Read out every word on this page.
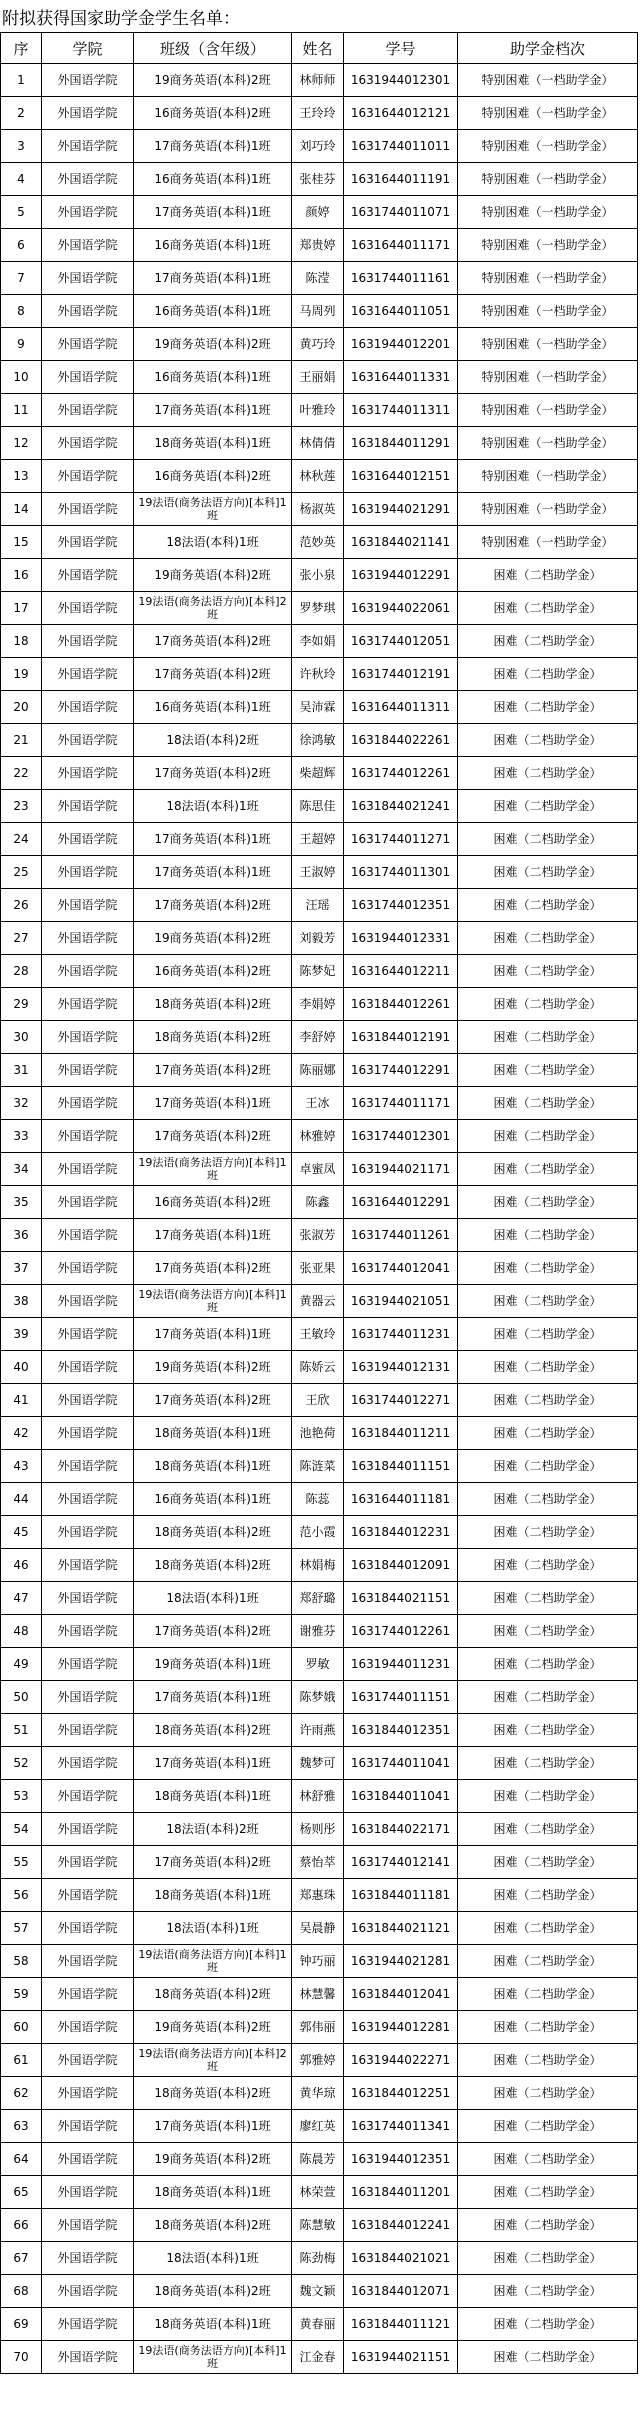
附拟获得国家助学金学生名单：
序	学院	班级（含年级）	姓名	学号	助学金档次
1	外国语学院	19商务英语(本科)2班	林师师	1631944012301	特别困难（一档助学金）
2	外国语学院	16商务英语(本科)2班	王玲玲	1631644012121	特别困难（一档助学金）
3	外国语学院	17商务英语(本科)1班	刘巧玲	1631744011011	特别困难（一档助学金）
4	外国语学院	16商务英语(本科)1班	张桂芬	1631644011191	特别困难（一档助学金）
5	外国语学院	17商务英语(本科)1班	颜婷	1631744011071	特别困难（一档助学金）
6	外国语学院	16商务英语(本科)1班	郑贵婷	1631644011171	特别困难（一档助学金）
7	外国语学院	17商务英语(本科)1班	陈滢	1631744011161	特别困难（一档助学金）
8	外国语学院	16商务英语(本科)1班	马周列	1631644011051	特别困难（一档助学金）
9	外国语学院	19商务英语(本科)2班	黄巧玲	1631944012201	特别困难（一档助学金）
10	外国语学院	16商务英语(本科)1班	王丽娟	1631644011331	特别困难（一档助学金）
11	外国语学院	17商务英语(本科)1班	叶雅玲	1631744011311	特别困难（一档助学金）
12	外国语学院	18商务英语(本科)1班	林倩倩	1631844011291	特别困难（一档助学金）
13	外国语学院	16商务英语(本科)2班	林秋莲	1631644012151	特别困难（一档助学金）
14	外国语学院	19法语(商务法语方向)[本科]1班	杨淑英	1631944021291	特别困难（一档助学金）
15	外国语学院	18法语(本科)1班	范妙英	1631844021141	特别困难（一档助学金）
16	外国语学院	19商务英语(本科)2班	张小泉	1631944012291	困难（二档助学金）
17	外国语学院	19法语(商务法语方向)[本科]2班	罗梦琪	1631944022061	困难（二档助学金）
18	外国语学院	17商务英语(本科)2班	李如娟	1631744012051	困难（二档助学金）
19	外国语学院	17商务英语(本科)2班	许秋玲	1631744012191	困难（二档助学金）
20	外国语学院	16商务英语(本科)1班	吴沛霖	1631644011311	困难（二档助学金）
21	外国语学院	18法语(本科)2班	徐鸿敏	1631844022261	困难（二档助学金）
22	外国语学院	17商务英语(本科)2班	柴超辉	1631744012261	困难（二档助学金）
23	外国语学院	18法语(本科)1班	陈思佳	1631844021241	困难（二档助学金）
24	外国语学院	17商务英语(本科)1班	王超婷	1631744011271	困难（二档助学金）
25	外国语学院	17商务英语(本科)1班	王淑婷	1631744011301	困难（二档助学金）
26	外国语学院	17商务英语(本科)2班	汪瑶	1631744012351	困难（二档助学金）
27	外国语学院	19商务英语(本科)2班	刘毅芳	1631944012331	困难（二档助学金）
28	外国语学院	16商务英语(本科)2班	陈梦妃	1631644012211	困难（二档助学金）
29	外国语学院	18商务英语(本科)2班	李娟婷	1631844012261	困难（二档助学金）
30	外国语学院	18商务英语(本科)2班	李舒婷	1631844012191	困难（二档助学金）
31	外国语学院	17商务英语(本科)2班	陈丽娜	1631744012291	困难（二档助学金）
32	外国语学院	17商务英语(本科)1班	王冰	1631744011171	困难（二档助学金）
33	外国语学院	17商务英语(本科)2班	林雅婷	1631744012301	困难（二档助学金）
34	外国语学院	19法语(商务法语方向)[本科]1班	卓蜜凤	1631944021171	困难（二档助学金）
35	外国语学院	16商务英语(本科)2班	陈鑫	1631644012291	困难（二档助学金）
36	外国语学院	17商务英语(本科)1班	张淑芳	1631744011261	困难（二档助学金）
37	外国语学院	17商务英语(本科)2班	张亚果	1631744012041	困难（二档助学金）
38	外国语学院	19法语(商务法语方向)[本科]1班	黄器云	1631944021051	困难（二档助学金）
39	外国语学院	17商务英语(本科)1班	王敏玲	1631744011231	困难（二档助学金）
40	外国语学院	19商务英语(本科)2班	陈娇云	1631944012131	困难（二档助学金）
41	外国语学院	17商务英语(本科)2班	王欣	1631744012271	困难（二档助学金）
42	外国语学院	18商务英语(本科)1班	池艳荷	1631844011211	困难（二档助学金）
43	外国语学院	18商务英语(本科)1班	陈涟菜	1631844011151	困难（二档助学金）
44	外国语学院	16商务英语(本科)1班	陈蕊	1631644011181	困难（二档助学金）
45	外国语学院	18商务英语(本科)2班	范小霞	1631844012231	困难（二档助学金）
46	外国语学院	18商务英语(本科)2班	林娟梅	1631844012091	困难（二档助学金）
47	外国语学院	18法语(本科)1班	郑舒璐	1631844021151	困难（二档助学金）
48	外国语学院	17商务英语(本科)2班	谢雅芬	1631744012261	困难（二档助学金）
49	外国语学院	19商务英语(本科)1班	罗敏	1631944011231	困难（二档助学金）
50	外国语学院	17商务英语(本科)1班	陈梦娥	1631744011151	困难（二档助学金）
51	外国语学院	18商务英语(本科)2班	许雨燕	1631844012351	困难（二档助学金）
52	外国语学院	17商务英语(本科)1班	魏梦可	1631744011041	困难（二档助学金）
53	外国语学院	18商务英语(本科)1班	林舒雅	1631844011041	困难（二档助学金）
54	外国语学院	18法语(本科)2班	杨则彤	1631844022171	困难（二档助学金）
55	外国语学院	17商务英语(本科)2班	蔡怡萃	1631744012141	困难（二档助学金）
56	外国语学院	18商务英语(本科)1班	郑惠珠	1631844011181	困难（二档助学金）
57	外国语学院	18法语(本科)1班	吴晨静	1631844021121	困难（二档助学金）
58	外国语学院	19法语(商务法语方向)[本科]1班	钟巧丽	1631944021281	困难（二档助学金）
59	外国语学院	18商务英语(本科)2班	林慧馨	1631844012041	困难（二档助学金）
60	外国语学院	19商务英语(本科)2班	郭伟丽	1631944012281	困难（二档助学金）
61	外国语学院	19法语(商务法语方向)[本科]2班	郭雅婷	1631944022271	困难（二档助学金）
62	外国语学院	18商务英语(本科)2班	黄华琼	1631844012251	困难（二档助学金）
63	外国语学院	17商务英语(本科)1班	廖红英	1631744011341	困难（二档助学金）
64	外国语学院	19商务英语(本科)2班	陈晨芳	1631944012351	困难（二档助学金）
65	外国语学院	18商务英语(本科)1班	林荣萱	1631844011201	困难（二档助学金）
66	外国语学院	18商务英语(本科)2班	陈慧敏	1631844012241	困难（二档助学金）
67	外国语学院	18法语(本科)1班	陈劲梅	1631844021021	困难（二档助学金）
68	外国语学院	18商务英语(本科)2班	魏文颖	1631844012071	困难（二档助学金）
69	外国语学院	18商务英语(本科)1班	黄春丽	1631844011121	困难（二档助学金）
70	外国语学院	19法语(商务法语方向)[本科]1班	江金春	1631944021151	困难（二档助学金）
